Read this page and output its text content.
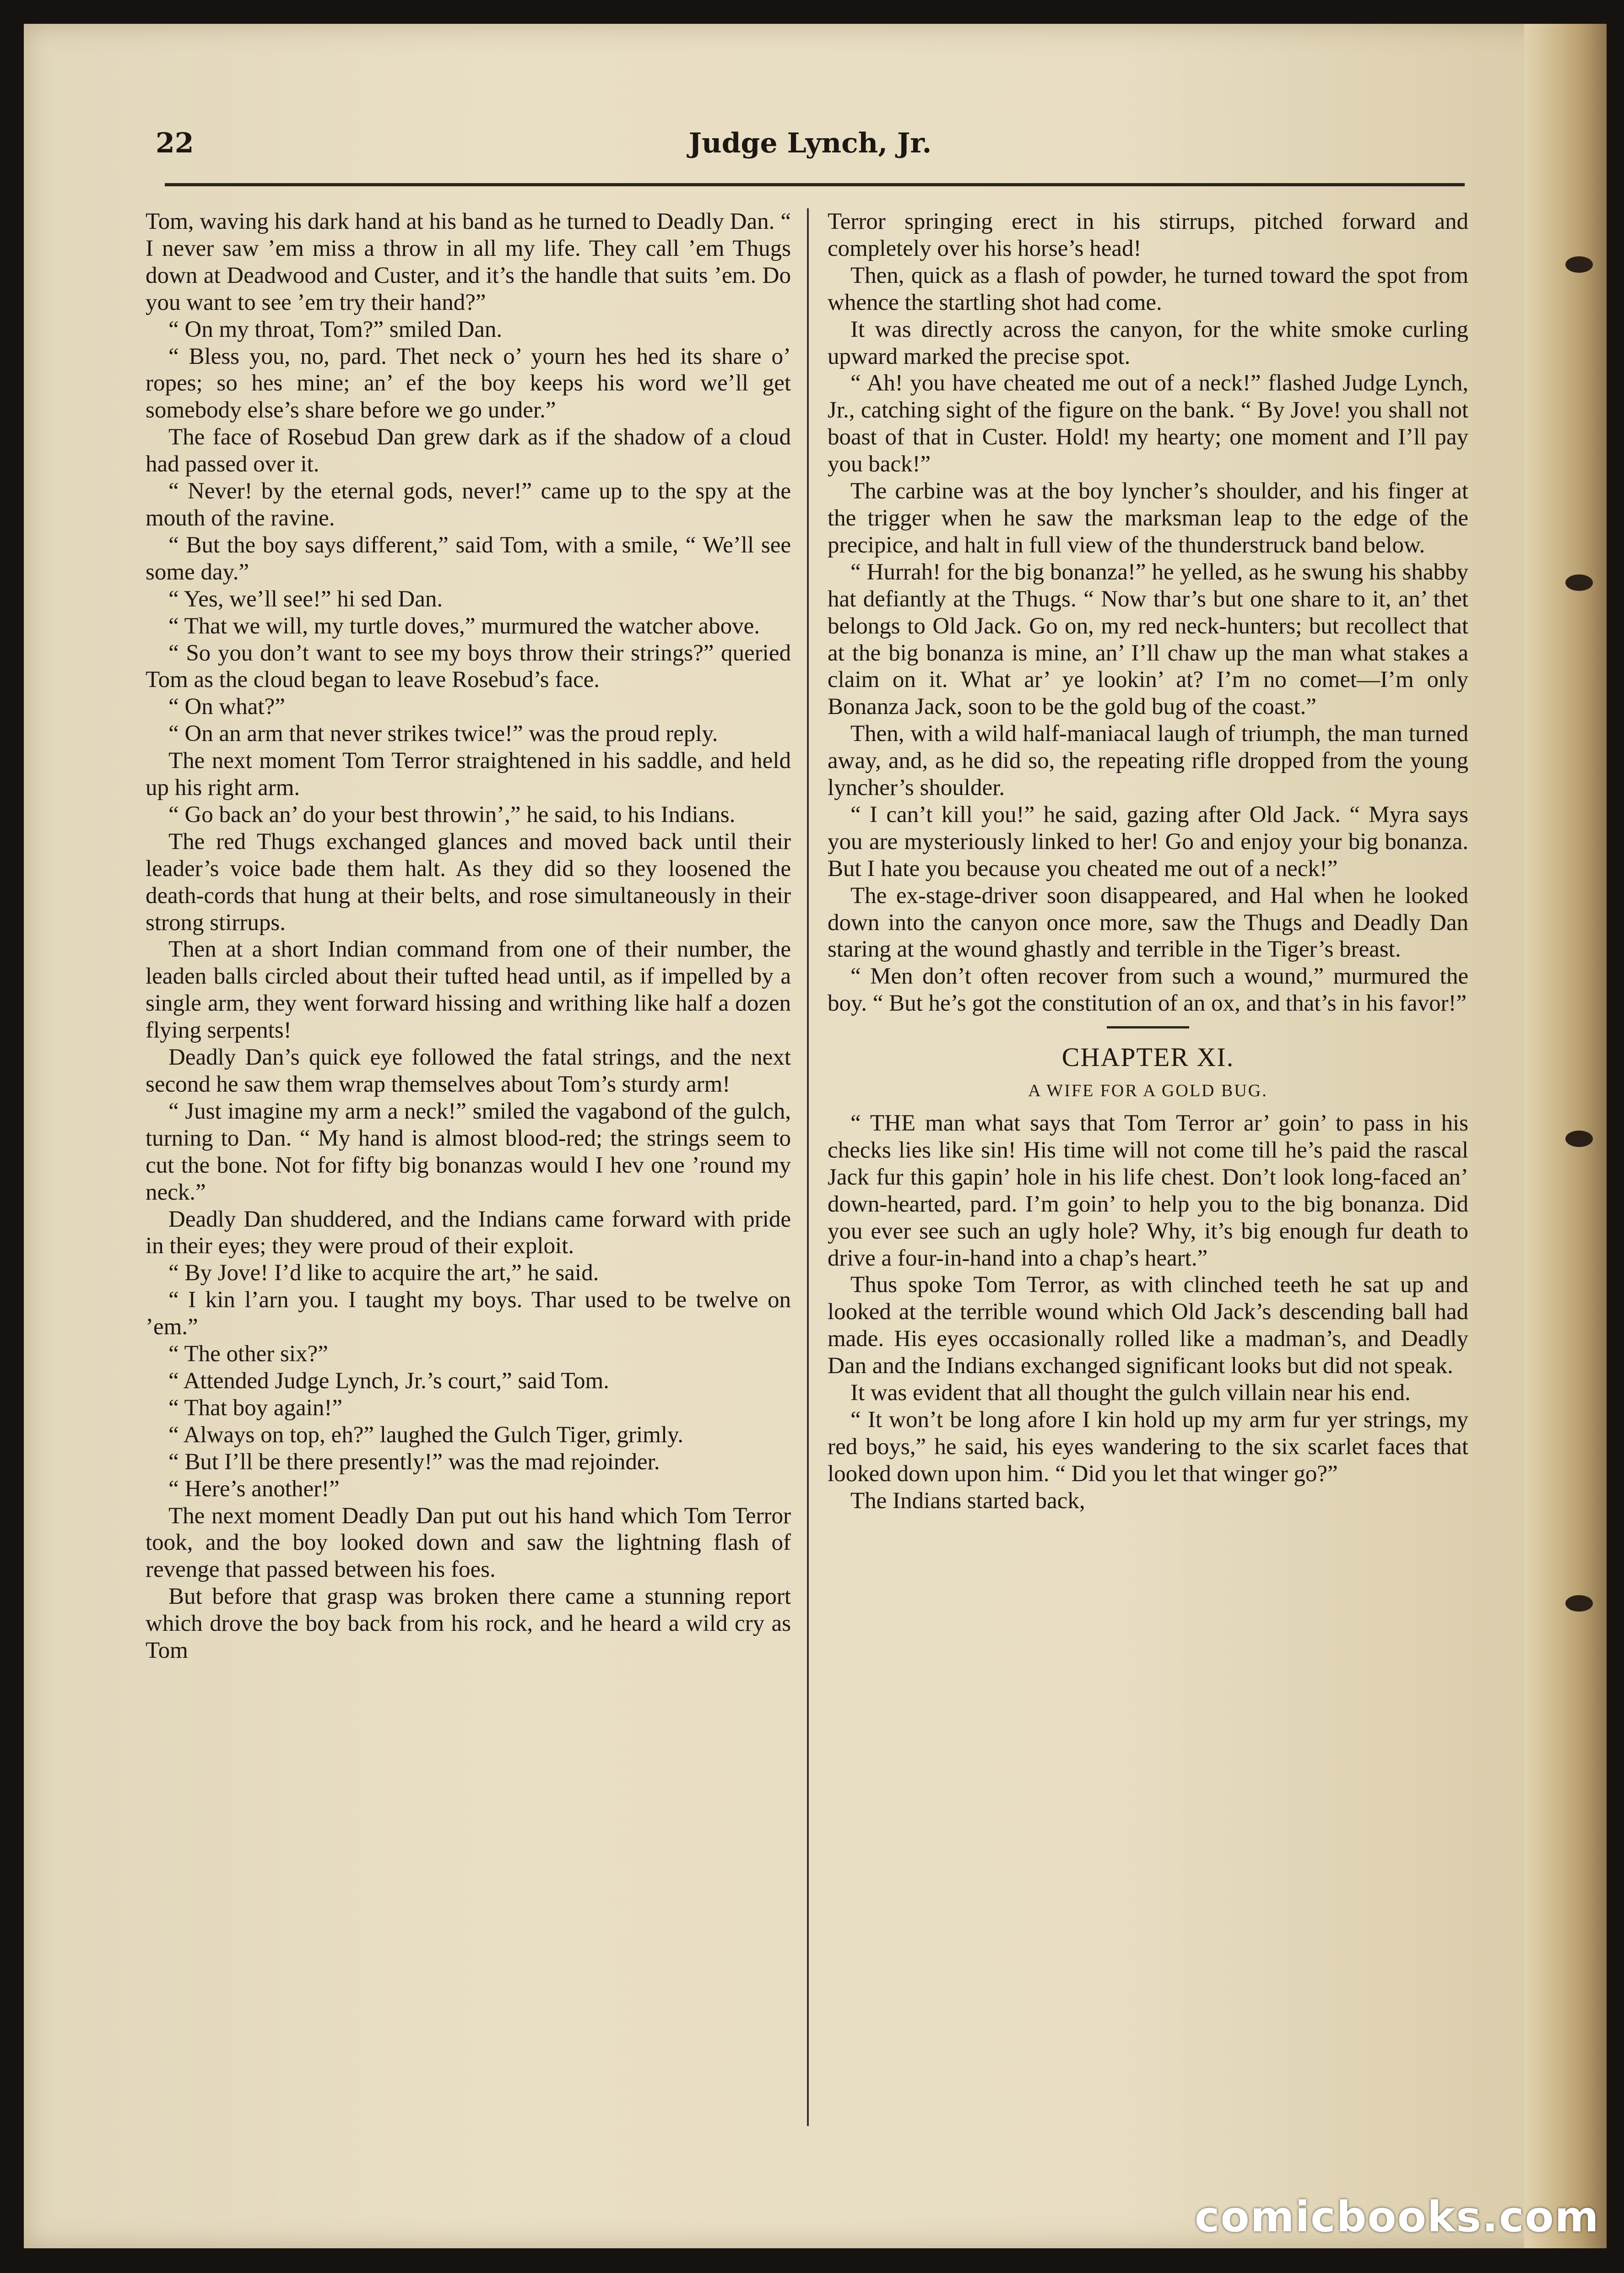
22	Judge Lynch, Jr.

Tom, waving his dark hand at his band as he turned to Deadly Dan. “ I never saw ’em miss a throw in all my life. They call ’em Thugs down at Deadwood and Custer, and it’s the handle that suits ’em. Do you want to see ’em try their hand?”

“ On my throat, Tom?” smiled Dan.

“ Bless you, no, pard. Thet neck o’ yourn hes hed its share o’ ropes; so hes mine; an’ ef the boy keeps his word we’ll get somebody else’s share before we go under.”

The face of Rosebud Dan grew dark as if the shadow of a cloud had passed over it.

“ Never! by the eternal gods, never!” came up to the spy at the mouth of the ravine.

“ But the boy says different,” said Tom, with a smile, “ We’ll see some day.”

“ Yes, we’ll see!” hi sed Dan.

“ That we will, my turtle doves,” murmured the watcher above.

“ So you don’t want to see my boys throw their strings?” queried Tom as the cloud began to leave Rosebud’s face.

“ On what?”

“ On an arm that never strikes twice!” was the proud reply.

The next moment Tom Terror straightened in his saddle, and held up his right arm.

“ Go back an’ do your best throwin’,” he said, to his Indians.

The red Thugs exchanged glances and moved back until their leader’s voice bade them halt. As they did so they loosened the death-cords that hung at their belts, and rose simultaneously in their strong stirrups.

Then at a short Indian command from one of their number, the leaden balls circled about their tufted head until, as if impelled by a single arm, they went forward hissing and writhing like half a dozen flying serpents!

Deadly Dan’s quick eye followed the fatal strings, and the next second he saw them wrap themselves about Tom’s sturdy arm!

“ Just imagine my arm a neck!” smiled the vagabond of the gulch, turning to Dan. “ My hand is almost blood-red; the strings seem to cut the bone. Not for fifty big bonanzas would I hev one ’round my neck.”

Deadly Dan shuddered, and the Indians came forward with pride in their eyes; they were proud of their exploit.

“ By Jove! I’d like to acquire the art,” he said.

“ I kin l’arn you. I taught my boys. Thar used to be twelve on ’em.”

“ The other six?”

“ Attended Judge Lynch, Jr.’s court,” said Tom.

“ That boy again!”

“ Always on top, eh?” laughed the Gulch Tiger, grimly.

“ But I’ll be there presently!” was the mad rejoinder.

“ Here’s another!”

The next moment Deadly Dan put out his hand which Tom Terror took, and the boy looked down and saw the lightning flash of revenge that passed between his foes.

But before that grasp was broken there came a stunning report which drove the boy back from his rock, and he heard a wild cry as Tom

Terror springing erect in his stirrups, pitched forward and completely over his horse’s head!

Then, quick as a flash of powder, he turned toward the spot from whence the startling shot had come.

It was directly across the canyon, for the white smoke curling upward marked the precise spot.

“ Ah! you have cheated me out of a neck!” flashed Judge Lynch, Jr., catching sight of the figure on the bank. “ By Jove! you shall not boast of that in Custer. Hold! my hearty; one moment and I’ll pay you back!”

The carbine was at the boy lyncher’s shoulder, and his finger at the trigger when he saw the marksman leap to the edge of the precipice, and halt in full view of the thunderstruck band below.

“ Hurrah! for the big bonanza!” he yelled, as he swung his shabby hat defiantly at the Thugs. “ Now thar’s but one share to it, an’ thet belongs to Old Jack. Go on, my red neck-hunters; but recollect that at the big bonanza is mine, an’ I’ll chaw up the man what stakes a claim on it. What ar’ ye lookin’ at? I’m no comet—I’m only Bonanza Jack, soon to be the gold bug of the coast.”

Then, with a wild half-maniacal laugh of triumph, the man turned away, and, as he did so, the repeating rifle dropped from the young lyncher’s shoulder.

“ I can’t kill you!” he said, gazing after Old Jack. “ Myra says you are mysteriously linked to her! Go and enjoy your big bonanza. But I hate you because you cheated me out of a neck!”

The ex-stage-driver soon disappeared, and Hal when he looked down into the canyon once more, saw the Thugs and Deadly Dan staring at the wound ghastly and terrible in the Tiger’s breast.

“ Men don’t often recover from such a wound,” murmured the boy. “ But he’s got the constitution of an ox, and that’s in his favor!”

CHAPTER XI.

A WIFE FOR A GOLD BUG.

“ THE man what says that Tom Terror ar’ goin’ to pass in his checks lies like sin! His time will not come till he’s paid the rascal Jack fur this gapin’ hole in his life chest. Don’t look long-faced an’ down-hearted, pard. I’m goin’ to help you to the big bonanza. Did you ever see such an ugly hole? Why, it’s big enough fur death to drive a four-in-hand into a chap’s heart.”

Thus spoke Tom Terror, as with clinched teeth he sat up and looked at the terrible wound which Old Jack’s descending ball had made. His eyes occasionally rolled like a madman’s, and Deadly Dan and the Indians exchanged significant looks but did not speak.

It was evident that all thought the gulch villain near his end.

“ It won’t be long afore I kin hold up my arm fur yer strings, my red boys,” he said, his eyes wandering to the six scarlet faces that looked down upon him. “ Did you let that winger go?”

The Indians started back,

comicbooks.com
